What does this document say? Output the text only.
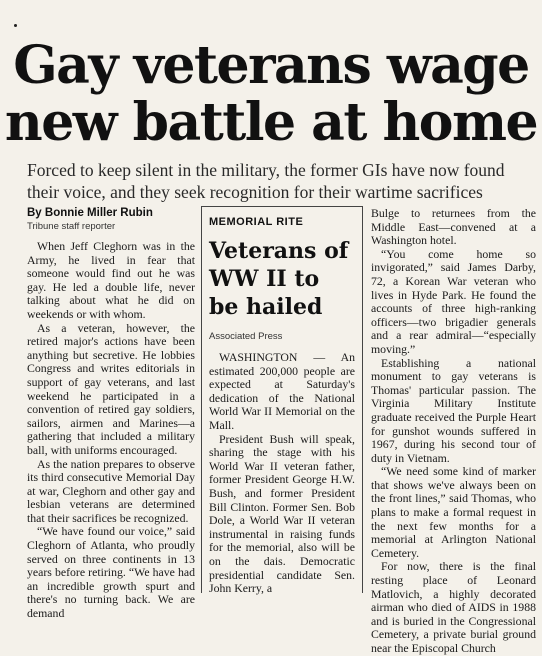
Gay veterans wage new battle at home
Forced to keep silent in the military, the former GIs have now found their voice, and they seek recognition for their wartime sacrifices
By Bonnie Miller Rubin
Tribune staff reporter

When Jeff Cleghorn was in the Army, he lived in fear that someone would find out he was gay. He led a double life, never talking about what he did on weekends or with whom.

As a veteran, however, the retired major's actions have been anything but secretive. He lobbies Congress and writes editorials in support of gay veterans, and last weekend he participated in a convention of retired gay soldiers, sailors, airmen and Marines—a gathering that included a military ball, with uniforms encouraged.

As the nation prepares to observe its third consecutive Memorial Day at war, Cleghorn and other gay and lesbian veterans are determined that their sacrifices be recognized.

“We have found our voice,” said Cleghorn of Atlanta, who proudly served on three continents in 13 years before retiring. “We have had an incredible growth spurt and there's no turning back. We are demand

MEMORIAL RITE
Veterans of WW II to be hailed
Associated Press

WASHINGTON — An estimated 200,000 people are expected at Saturday's dedication of the National World War II Memorial on the Mall.

President Bush will speak, sharing the stage with his World War II veteran father, former President George H.W. Bush, and former President Bill Clinton. Former Sen. Bob Dole, a World War II veteran instrumental in raising funds for the memorial, also will be on the dais. Democratic presidential candidate Sen. John Kerry, a

Bulge to returnees from the Middle East—convened at a Washington hotel.

“You come home so invigorated,” said James Darby, 72, a Korean War veteran who lives in Hyde Park. He found the accounts of three high-ranking officers—two brigadier generals and a rear admiral—“especially moving.”

Establishing a national monument to gay veterans is Thomas' particular passion. The Virginia Military Institute graduate received the Purple Heart for gunshot wounds suffered in 1967, during his second tour of duty in Vietnam.

“We need some kind of marker that shows we've always been on the front lines,” said Thomas, who plans to make a formal request in the next few months for a memorial at Arlington National Cemetery.

For now, there is the final resting place of Leonard Matlovich, a highly decorated airman who died of AIDS in 1988 and is buried in the Congressional Cemetery, a private burial ground near the Episcopal Church
